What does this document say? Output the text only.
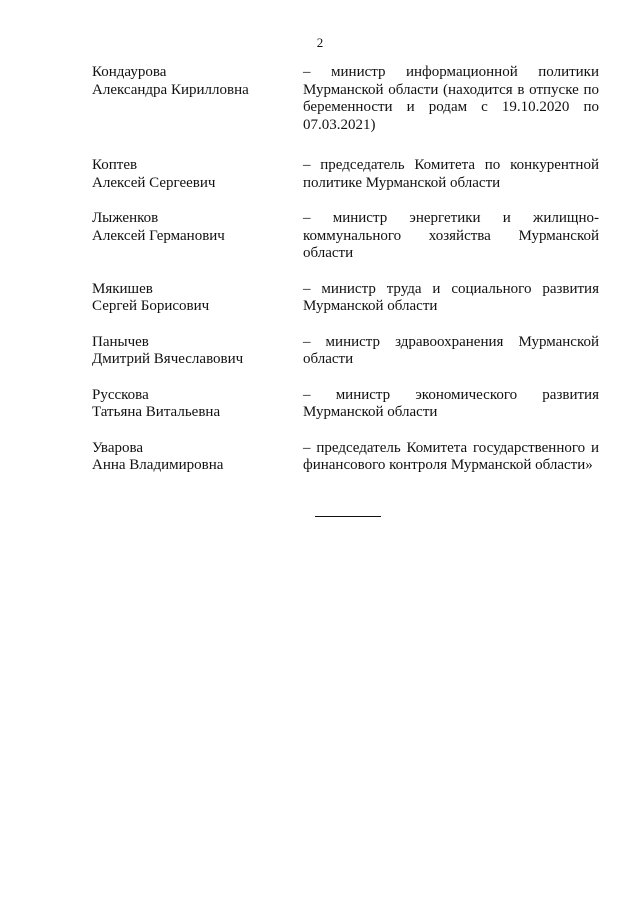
2
Кондаурова
Александра Кирилловна
– министр информационной политики Мурманской области (находится в отпуске по беременности и родам с 19.10.2020 по 07.03.2021)
Коптев
Алексей Сергеевич
– председатель Комитета по конкурентной политике Мурманской области
Лыженков
Алексей Германович
– министр энергетики и жилищно-коммунального хозяйства Мурманской области
Мякишев
Сергей Борисович
– министр труда и социального развития Мурманской области
Панычев
Дмитрий Вячеславович
– министр здравоохранения Мурманской области
Русскова
Татьяна Витальевна
– министр экономического развития Мурманской области
Уварова
Анна Владимировна
– председатель Комитета государственного и финансового контроля Мурманской области»
